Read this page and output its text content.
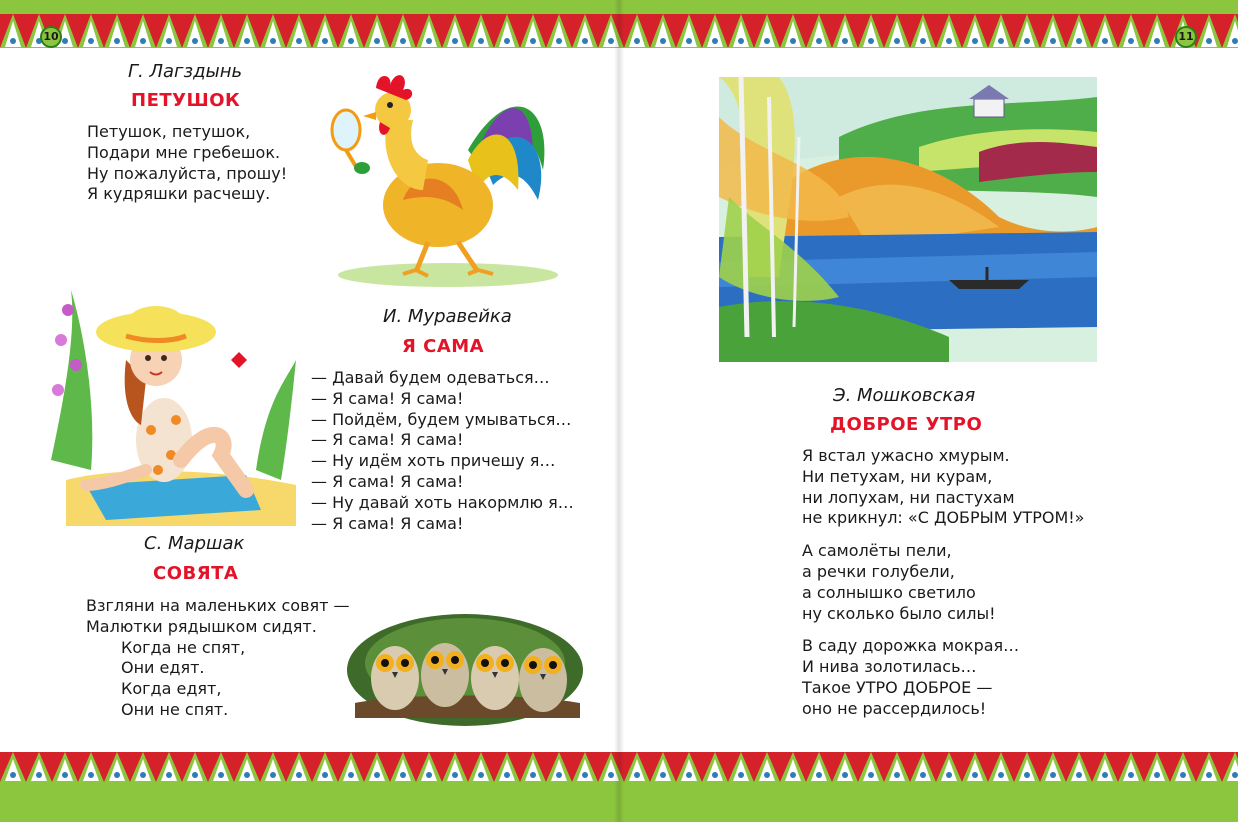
10	11
Г. Лагздынь
ПЕТУШОК
Петушок, петушок,
Подари мне гребешок.
Ну пожалуйста, прошу!
Я кудряшки расчешу.
И. Муравейка
Я САМА
— Давай будем одеваться…
— Я сама! Я сама!
— Пойдём, будем умываться…
— Я сама! Я сама!
— Ну идём хоть причешу я…
— Я сама! Я сама!
— Ну давай хоть накормлю я…
— Я сама! Я сама!
С. Маршак
СОВЯТА
Взгляни на маленьких совят —
Малютки рядышком сидят.
Когда не спят,
Они едят.
Когда едят,
Они не спят.
Э. Мошковская
ДОБРОЕ УТРО
Я встал ужасно хмурым.
Ни петухам, ни курам,
ни лопухам, ни пастухам
не крикнул: «С ДОБРЫМ УТРОМ!»
А самолёты пели,
а речки голубели,
а солнышко светило
ну сколько было силы!
В саду дорожка мокрая…
И нива золотилась…
Такое УТРО ДОБРОЕ —
оно не рассердилось!
